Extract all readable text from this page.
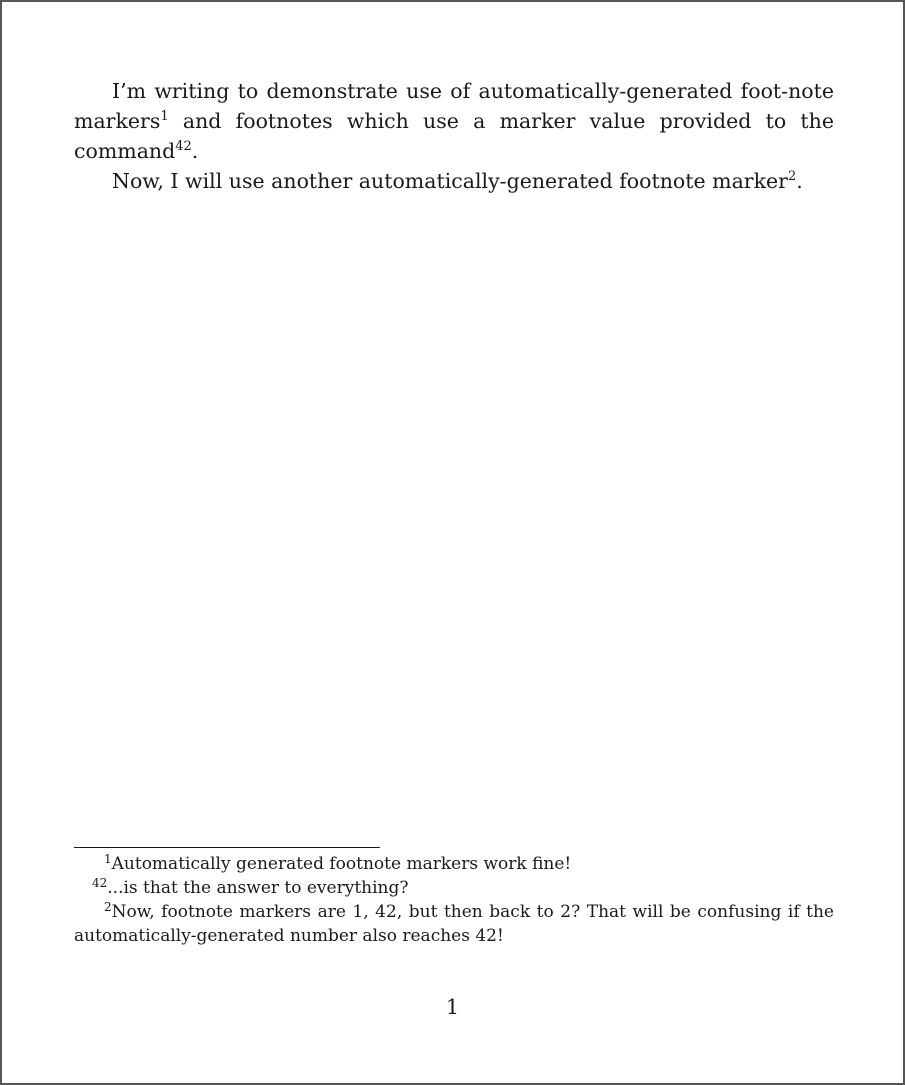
I’m writing to demonstrate use of automatically-generated foot-note markers$^1$ and footnotes which use a marker value provided to the command$^{42}$.

Now, I will use another automatically-generated footnote marker$^2$.

$^1$Automatically generated footnote markers work fine!

$^{42}$...is that the answer to everything?

$^2$Now, footnote markers are 1, 42, but then back to 2? That will be confusing if the automatically-generated number also reaches 42!

1
